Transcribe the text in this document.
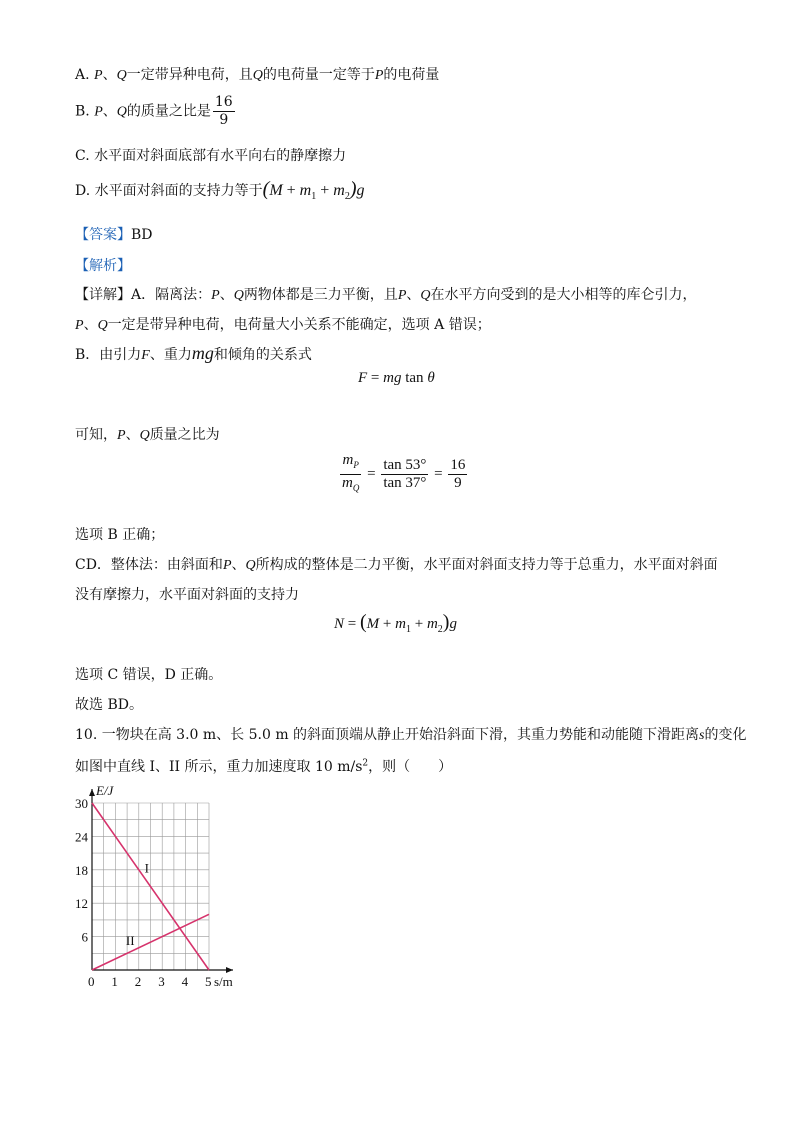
A. P、Q一定带异种电荷，且Q的电荷量一定等于P的电荷量
B. P、Q的质量之比是 $\frac{16}{9}$
C. 水平面对斜面底部有水平向右的静摩擦力
D. 水平面对斜面的支持力等于$(M + m_1 + m_2)g$
【答案】BD
【解析】
【详解】A．隔离法：P、Q两物体都是三力平衡，且P、Q在水平方向受到的是大小相等的库仑引力，
P、Q一定是带异种电荷，电荷量大小关系不能确定，选项 A 错误；
B．由引力F、重力mg和倾角的关系式
F = mg tan θ
可知，P、Q质量之比为
$\frac{m_P}{m_Q} = \frac{\tan 53^\circ}{\tan 37^\circ} = \frac{16}{9}$
选项 B 正确；
CD．整体法：由斜面和P、Q所构成的整体是二力平衡，水平面对斜面支持力等于总重力，水平面对斜面
没有摩擦力，水平面对斜面的支持力
$N = (M + m_1 + m_2)g$
选项 C 错误，D 正确。
故选 BD。
10. 一物块在高 3.0 m、长 5.0 m 的斜面顶端从静止开始沿斜面下滑，其重力势能和动能随下滑距离s的变化
如图中直线 I、II 所示，重力加速度取 10 $m/s^2$，则（　　）
I
II
0 1 2 3 4 5
6
12
18
24
30
E/J
s/m
